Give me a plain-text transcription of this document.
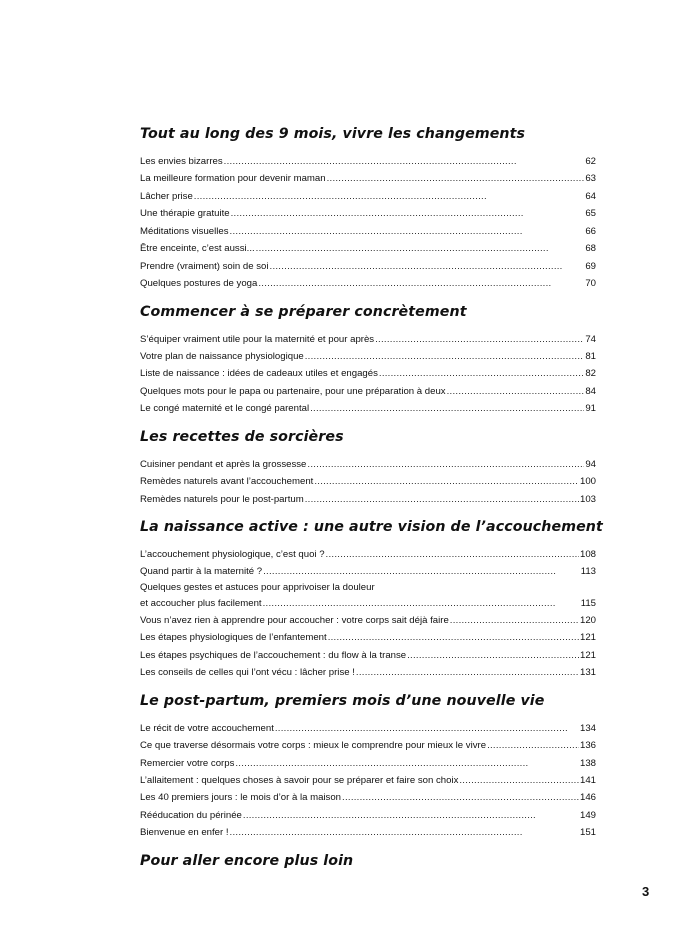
Tout au long des 9 mois, vivre les changements
Les envies bizarres . . .	62
La meilleure formation pour devenir maman . . .	63
Lâcher prise . . .	64
Une thérapie gratuite . . .	65
Méditations visuelles . . .	66
Être enceinte, c’est aussi... . . .	68
Prendre (vraiment) soin de soi . . .	69
Quelques postures de yoga . . .	70
Commencer à se préparer concrètement
S’équiper vraiment utile pour la maternité et pour après . . .	74
Votre plan de naissance physiologique . . .	81
Liste de naissance : idées de cadeaux utiles et engagés . . .	82
Quelques mots pour le papa ou partenaire, pour une préparation à deux . . .	84
Le congé maternité et le congé parental . . .	91
Les recettes de sorcières
Cuisiner pendant et après la grossesse . . .	94
Remèdes naturels avant l’accouchement . . .	100
Remèdes naturels pour le post-partum . . .	103
La naissance active : une autre vision de l’accouchement
L’accouchement physiologique, c’est quoi ? . . .	108
Quand partir à la maternité ? . . .	113
Quelques gestes et astuces pour apprivoiser la douleur
et accoucher plus facilement . . .	115
Vous n’avez rien à apprendre pour accoucher : votre corps sait déjà faire . . .	120
Les étapes physiologiques de l’enfantement . . .	121
Les étapes psychiques de l’accouchement : du flow à la transe . . .	121
Les conseils de celles qui l’ont vécu : lâcher prise ! . . .	131
Le post-partum, premiers mois d’une nouvelle vie
Le récit de votre accouchement . . .	134
Ce que traverse désormais votre corps : mieux le comprendre pour mieux le vivre . . .	136
Remercier votre corps . . .	138
L’allaitement : quelques choses à savoir pour se préparer et faire son choix . . .	141
Les 40 premiers jours : le mois d’or à la maison . . .	146
Rééducation du périnée . . .	149
Bienvenue en enfer ! . . .	151
Pour aller encore plus loin
3
